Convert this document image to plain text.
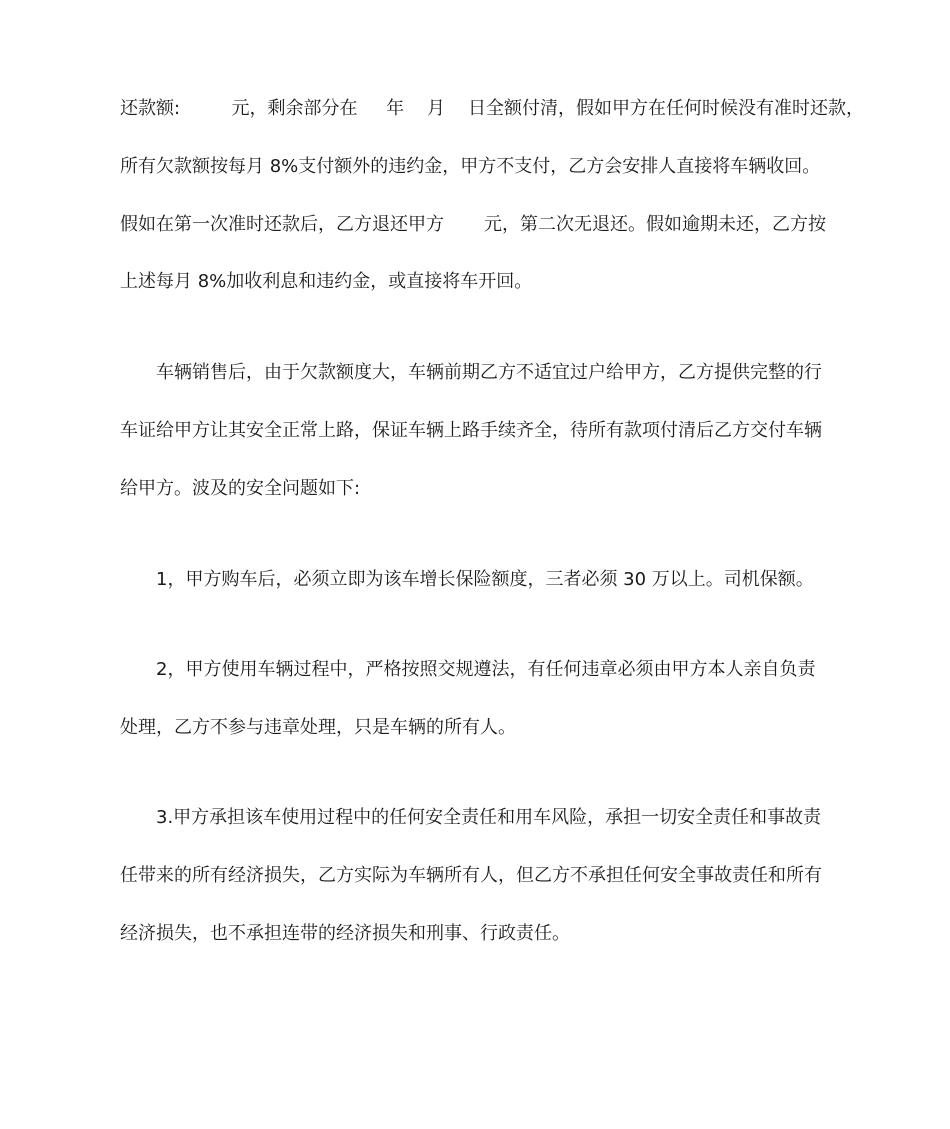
还款额:         元，剩余部分在     年    月    日全额付清，假如甲方在任何时候没有准时还款，
所有欠款额按每月 8%支付额外的违约金，甲方不支付，乙方会安排人直接将车辆收回。
假如在第一次准时还款后，乙方退还甲方       元，第二次无退还。假如逾期未还，乙方按
上述每月 8%加收利息和违约金，或直接将车开回。
车辆销售后，由于欠款额度大，车辆前期乙方不适宜过户给甲方，乙方提供完整的行
车证给甲方让其安全正常上路，保证车辆上路手续齐全，待所有款项付清后乙方交付车辆
给甲方。波及的安全问题如下:
1，甲方购车后，必须立即为该车增长保险额度，三者必须 30 万以上。司机保额。
2，甲方使用车辆过程中，严格按照交规遵法，有任何违章必须由甲方本人亲自负责
处理，乙方不参与违章处理，只是车辆的所有人。
3.甲方承担该车使用过程中的任何安全责任和用车风险，承担一切安全责任和事故责
任带来的所有经济损失，乙方实际为车辆所有人，但乙方不承担任何安全事故责任和所有
经济损失，也不承担连带的经济损失和刑事、行政责任。
